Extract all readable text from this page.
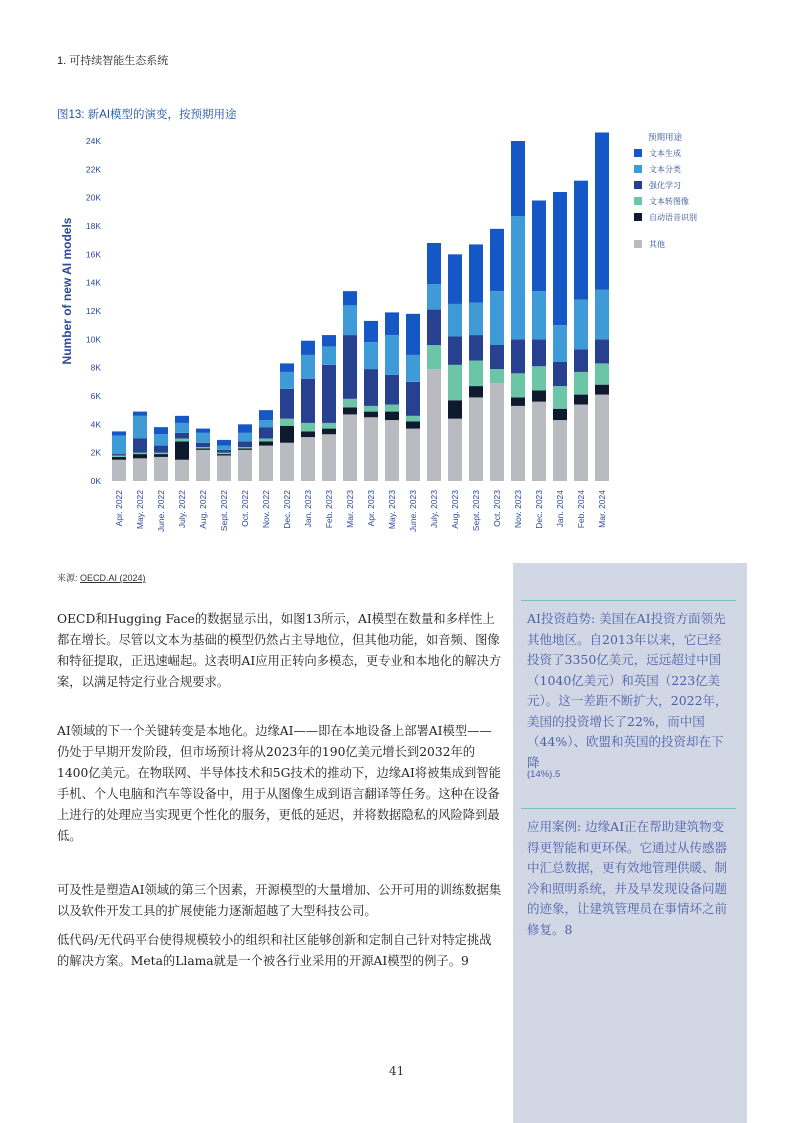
1. 可持续智能生态系统
图13: 新AI模型的演变，按预期用途
Number of new AI models
0K
2K
4K
6K
8K
10K
12K
14K
16K
18K
20K
22K
24K
Apr. 2022 May. 2022 June. 2022 July. 2022 Aug. 2022 Sept. 2022 Oct. 2022 Nov. 2022 Dec. 2022 Jan. 2023 Feb. 2023 Mar. 2023 Apr. 2023 May. 2023 June. 2023 July. 2023 Aug. 2023 Sept. 2023 Oct. 2023 Nov. 2023 Dec. 2023 Jan. 2024 Feb. 2024 Mar. 2024
预期用途
文本生成
文本分类
强化学习
文本转图像
自动语音识别
其他
来源: OECD.AI (2024)

OECD和Hugging Face的数据显示出，如图13所示，AI模型在数量和多样性上都在增长。尽管以文本为基础的模型仍然占主导地位，但其他功能，如音频、图像和特征提取，正迅速崛起。这表明AI应用正转向多模态，更专业和本地化的解决方案，以满足特定行业合规要求。

AI领域的下一个关键转变是本地化。边缘AI——即在本地设备上部署AI模型——仍处于早期开发阶段，但市场预计将从2023年的190亿美元增长到2032年的1400亿美元。在物联网、半导体技术和5G技术的推动下，边缘AI将被集成到智能手机、个人电脑和汽车等设备中，用于从图像生成到语言翻译等任务。这种在设备上进行的处理应当实现更个性化的服务，更低的延迟，并将数据隐私的风险降到最低。

可及性是塑造AI领域的第三个因素，开源模型的大量增加、公开可用的训练数据集以及软件开发工具的扩展使能力逐渐超越了大型科技公司。

低代码/无代码平台使得规模较小的组织和社区能够创新和定制自己针对特定挑战的解决方案。Meta的Llama就是一个被各行业采用的开源AI模型的例子。9

AI投资趋势: 美国在AI投资方面领先其他地区。自2013年以来，它已经投资了3350亿美元，远远超过中国（1040亿美元）和英国（223亿美元）。这一差距不断扩大，2022年，美国的投资增长了22%，而中国（44%）、欧盟和英国的投资却在下降

(14%).5

应用案例: 边缘AI正在帮助建筑物变得更智能和更环保。它通过从传感器中汇总数据，更有效地管理供暖、制冷和照明系统，并及早发现设备问题的迹象，让建筑管理员在事情坏之前修复。8

41
